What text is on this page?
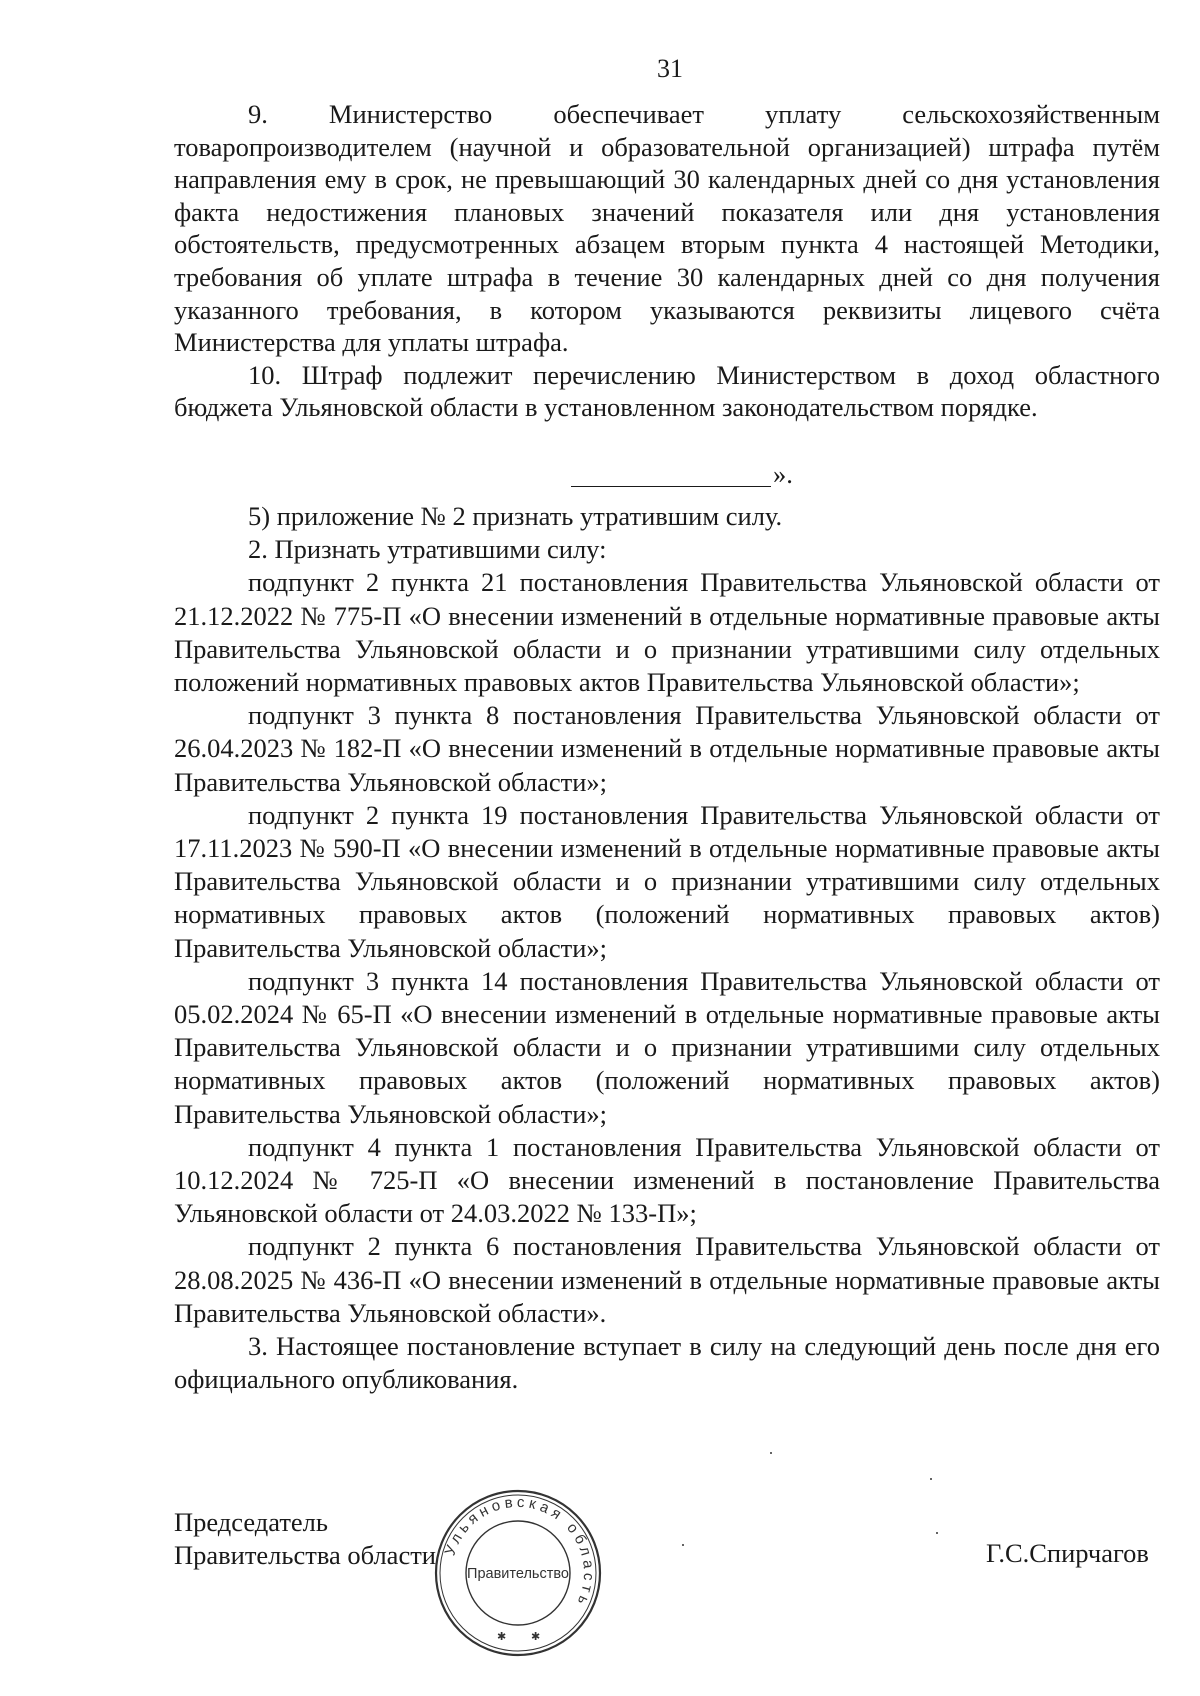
31

9. Министерство обеспечивает уплату сельскохозяйственным товаропроизводителем (научной и образовательной организацией) штрафа путём направления ему в срок, не превышающий 30 календарных дней со дня установления факта недостижения плановых значений показателя или дня установления обстоятельств, предусмотренных абзацем вторым пункта 4 настоящей Методики, требования об уплате штрафа в течение 30 календарных дней со дня получения указанного требования, в котором указываются реквизиты лицевого счёта Министерства для уплаты штрафа.

10. Штраф подлежит перечислению Министерством в доход областного бюджета Ульяновской области в установленном законодательством порядке.

».

5) приложение № 2 признать утратившим силу.

2. Признать утратившими силу:

подпункт 2 пункта 21 постановления Правительства Ульяновской области от 21.12.2022 № 775-П «О внесении изменений в отдельные нормативные правовые акты Правительства Ульяновской области и о признании утратившими силу отдельных положений нормативных правовых актов Правительства Ульяновской области»;

подпункт 3 пункта 8 постановления Правительства Ульяновской области от 26.04.2023 № 182-П «О внесении изменений в отдельные нормативные правовые акты Правительства Ульяновской области»;

подпункт 2 пункта 19 постановления Правительства Ульяновской области от 17.11.2023 № 590-П «О внесении изменений в отдельные нормативные правовые акты Правительства Ульяновской области и о признании утратившими силу отдельных нормативных правовых актов (положений нормативных правовых актов) Правительства Ульяновской области»;

подпункт 3 пункта 14 постановления Правительства Ульяновской области от 05.02.2024 № 65-П «О внесении изменений в отдельные нормативные правовые акты Правительства Ульяновской области и о признании утратившими силу отдельных нормативных правовых актов (положений нормативных правовых актов) Правительства Ульяновской области»;

подпункт 4 пункта 1 постановления Правительства Ульяновской области от 10.12.2024 № 725-П «О внесении изменений в постановление Правительства Ульяновской области от 24.03.2022 № 133-П»;

подпункт 2 пункта 6 постановления Правительства Ульяновской области от 28.08.2025 № 436-П «О внесении изменений в отдельные нормативные правовые акты Правительства Ульяновской области».

3. Настоящее постановление вступает в силу на следующий день после дня его официального опубликования.

Председатель
Правительства области	Г.С.Спирчагов
Ульяновская область
Правительство
✱ ✱
